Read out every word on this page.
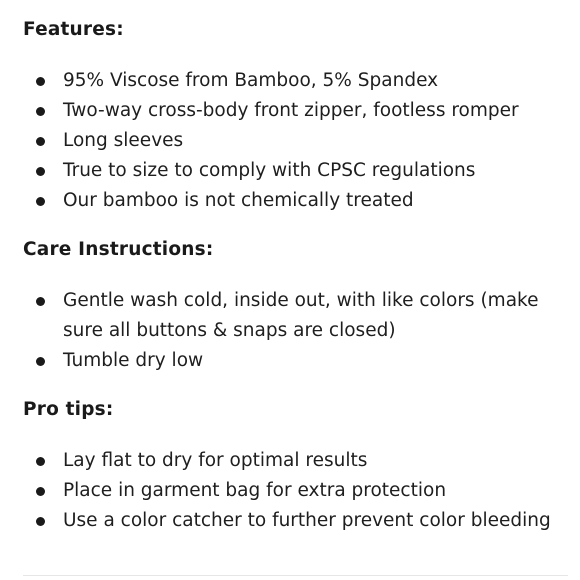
Features:
95% Viscose from Bamboo, 5% Spandex
Two-way cross-body front zipper, footless romper
Long sleeves
True to size to comply with CPSC regulations
Our bamboo is not chemically treated
Care Instructions:
Gentle wash cold, inside out, with like colors (make sure all buttons & snaps are closed)
Tumble dry low
Pro tips:
Lay flat to dry for optimal results
Place in garment bag for extra protection
Use a color catcher to further prevent color bleeding
